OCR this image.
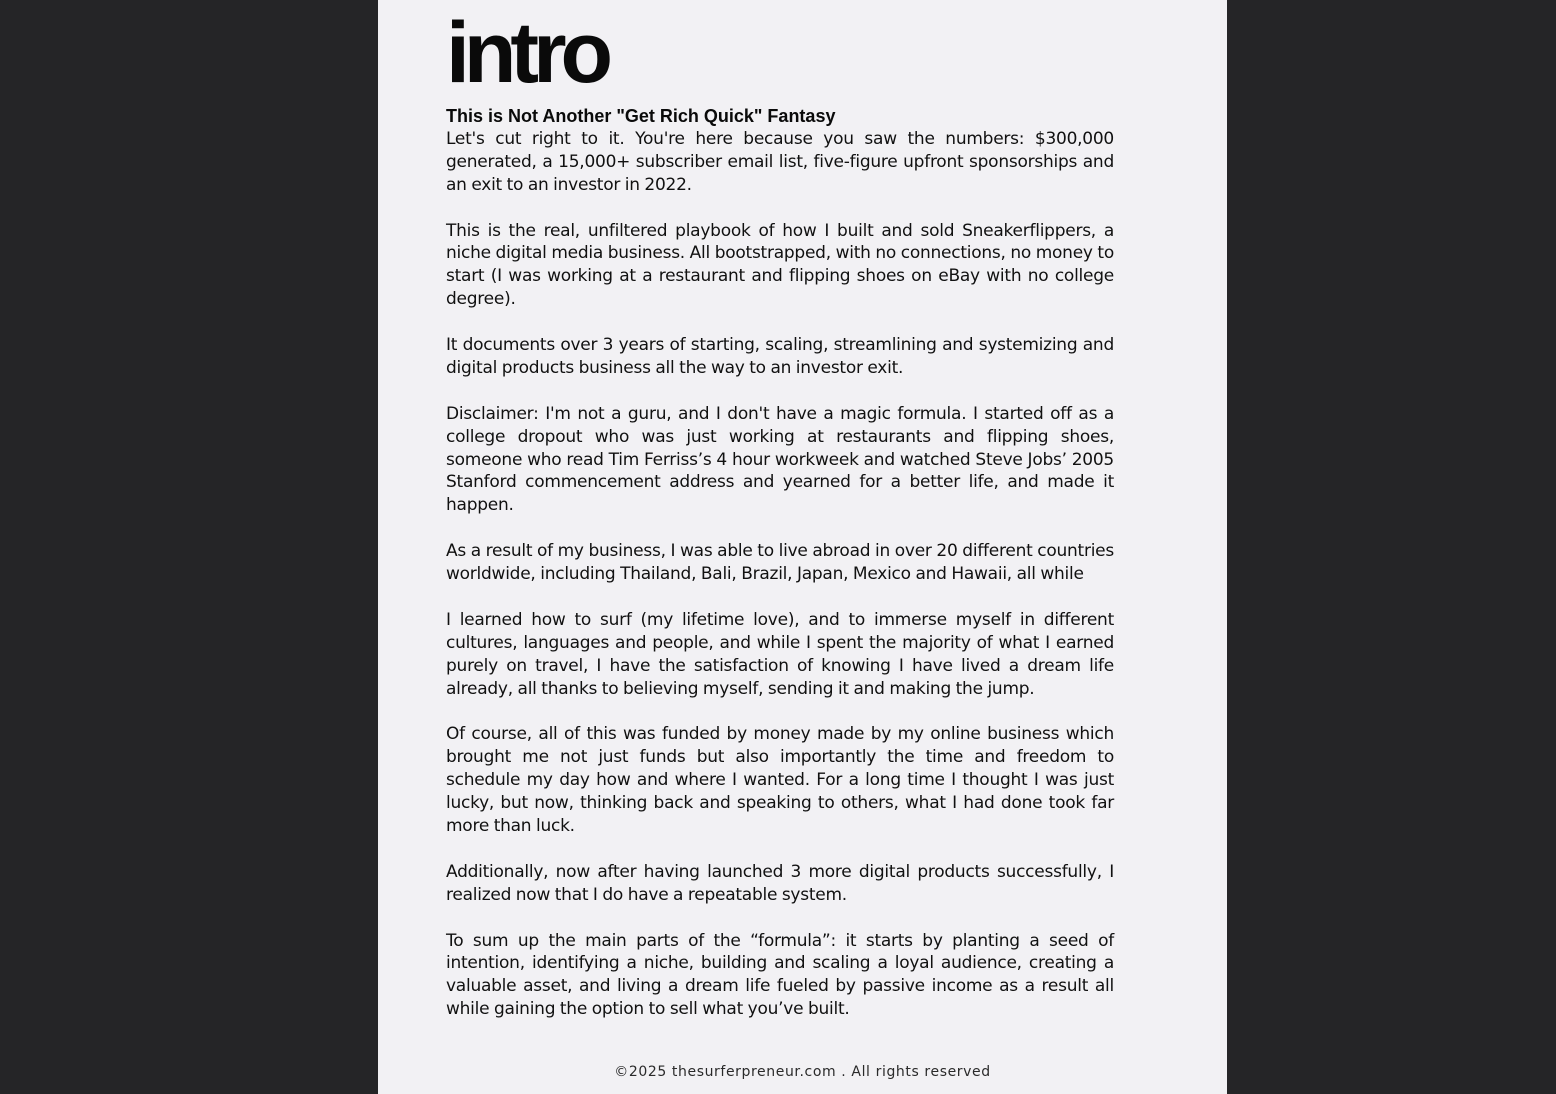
intro

This is Not Another "Get Rich Quick" Fantasy

Let's cut right to it. You're here because you saw the numbers: $300,000 generated, a 15,000+ subscriber email list, five-figure upfront sponsorships and an exit to an investor in 2022.

This is the real, unfiltered playbook of how I built and sold Sneakerflippers, a niche digital media business. All bootstrapped, with no connections, no money to start (I was working at a restaurant and flipping shoes on eBay with no college degree).

It documents over 3 years of starting, scaling, streamlining and systemizing and digital products business all the way to an investor exit.

Disclaimer: I'm not a guru, and I don't have a magic formula. I started off as a college dropout who was just working at restaurants and flipping shoes, someone who read Tim Ferriss’s 4 hour workweek and watched Steve Jobs’ 2005 Stanford commencement address and yearned for a better life, and made it happen.

As a result of my business, I was able to live abroad in over 20 different countries worldwide, including Thailand, Bali, Brazil, Japan, Mexico and Hawaii, all while

I learned how to surf (my lifetime love), and to immerse myself in different cultures, languages and people, and while I spent the majority of what I earned purely on travel, I have the satisfaction of knowing I have lived a dream life already, all thanks to believing myself, sending it and making the jump.

Of course, all of this was funded by money made by my online business which brought me not just funds but also importantly the time and freedom to schedule my day how and where I wanted. For a long time I thought I was just lucky, but now, thinking back and speaking to others, what I had done took far more than luck.

Additionally, now after having launched 3 more digital products successfully, I realized now that I do have a repeatable system.

To sum up the main parts of the “formula”: it starts by planting a seed of intention, identifying a niche, building and scaling a loyal audience, creating a valuable asset, and living a dream life fueled by passive income as a result all while gaining the option to sell what you’ve built.

©2025 thesurferpreneur.com . All rights reserved
